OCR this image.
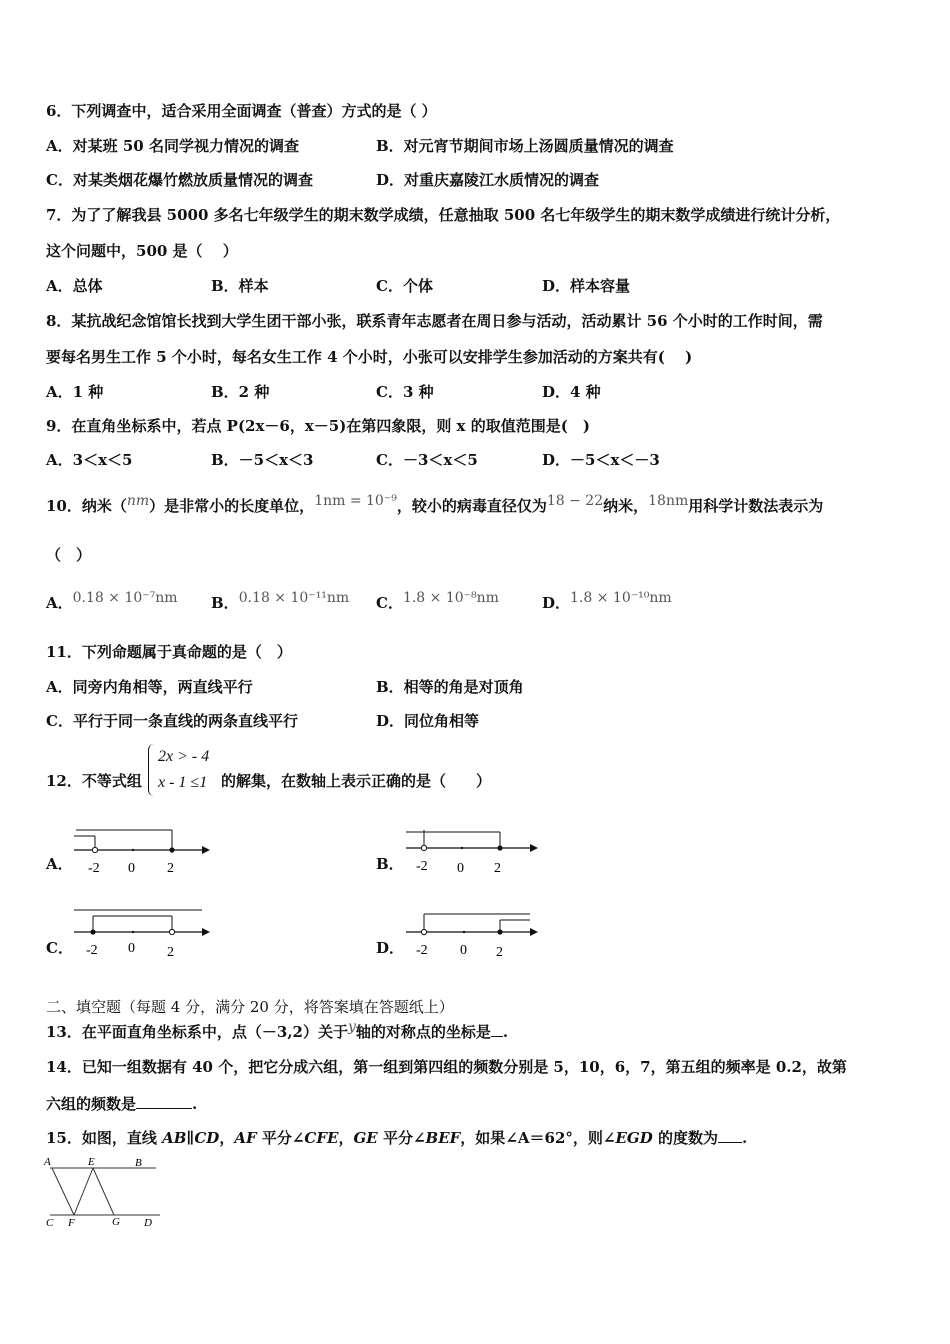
6．下列调查中，适合采用全面调查（普查）方式的是（ ）
A．对某班 50 名同学视力情况的调查	B．对元宵节期间市场上汤圆质量情况的调查
C．对某类烟花爆竹燃放质量情况的调查	D．对重庆嘉陵江水质情况的调查
7．为了了解我县 5000 多名七年级学生的期末数学成绩，任意抽取 500 名七年级学生的期末数学成绩进行统计分析，
这个问题中，500 是（　 ）
A．总体	B．样本	C．个体	D．样本容量
8．某抗战纪念馆馆长找到大学生团干部小张，联系青年志愿者在周日参与活动，活动累计 56 个小时的工作时间，需
要每名男生工作 5 个小时，每名女生工作 4 个小时，小张可以安排学生参加活动的方案共有(　 )
A．1 种	B．2 种	C．3 种	D．4 种
9．在直角坐标系中，若点 P(2x－6，x－5)在第四象限，则 x 的取值范围是(　)
A．3＜x＜5	B．－5＜x＜3	C．－3＜x＜5	D．－5＜x＜－3
10．纳米（nm）是非常小的长度单位，1nm = 10⁻⁹，较小的病毒直径仅为18 − 22纳米，18nm用科学计数法表示为
（　）
A．0.18 × 10⁻⁷nm B．0.18 × 10⁻¹¹nm C．1.8 × 10⁻⁸nm	D．1.8 × 10⁻¹⁰nm
11．下列命题属于真命题的是（　）
A．同旁内角相等，两直线平行	B．相等的角是对顶角
C．平行于同一条直线的两条直线平行	D．同位角相等
12．不等式组
2x > - 4
x - 1 ≤1 的解集，在数轴上表示正确的是（　　）
A．	B．
C．	D．
-2 0 2	-2 0 2
-2 0 2	-2 0 2
二、填空题（每题 4 分，满分 20 分，将答案填在答题纸上）
13．在平面直角坐标系中，点（－3,2）关于y轴的对称点的坐标是 .
14．已知一组数据有 40 个，把它分成六组，第一组到第四组的频数分别是 5，10，6，7，第五组的频率是 0.2，故第
六组的频数是	.
15．如图，直线 AB∥CD，AF 平分∠CFE，GE 平分∠BEF，如果∠A＝62°，则∠EGD 的度数为 .
A	E	B
C F	G D
